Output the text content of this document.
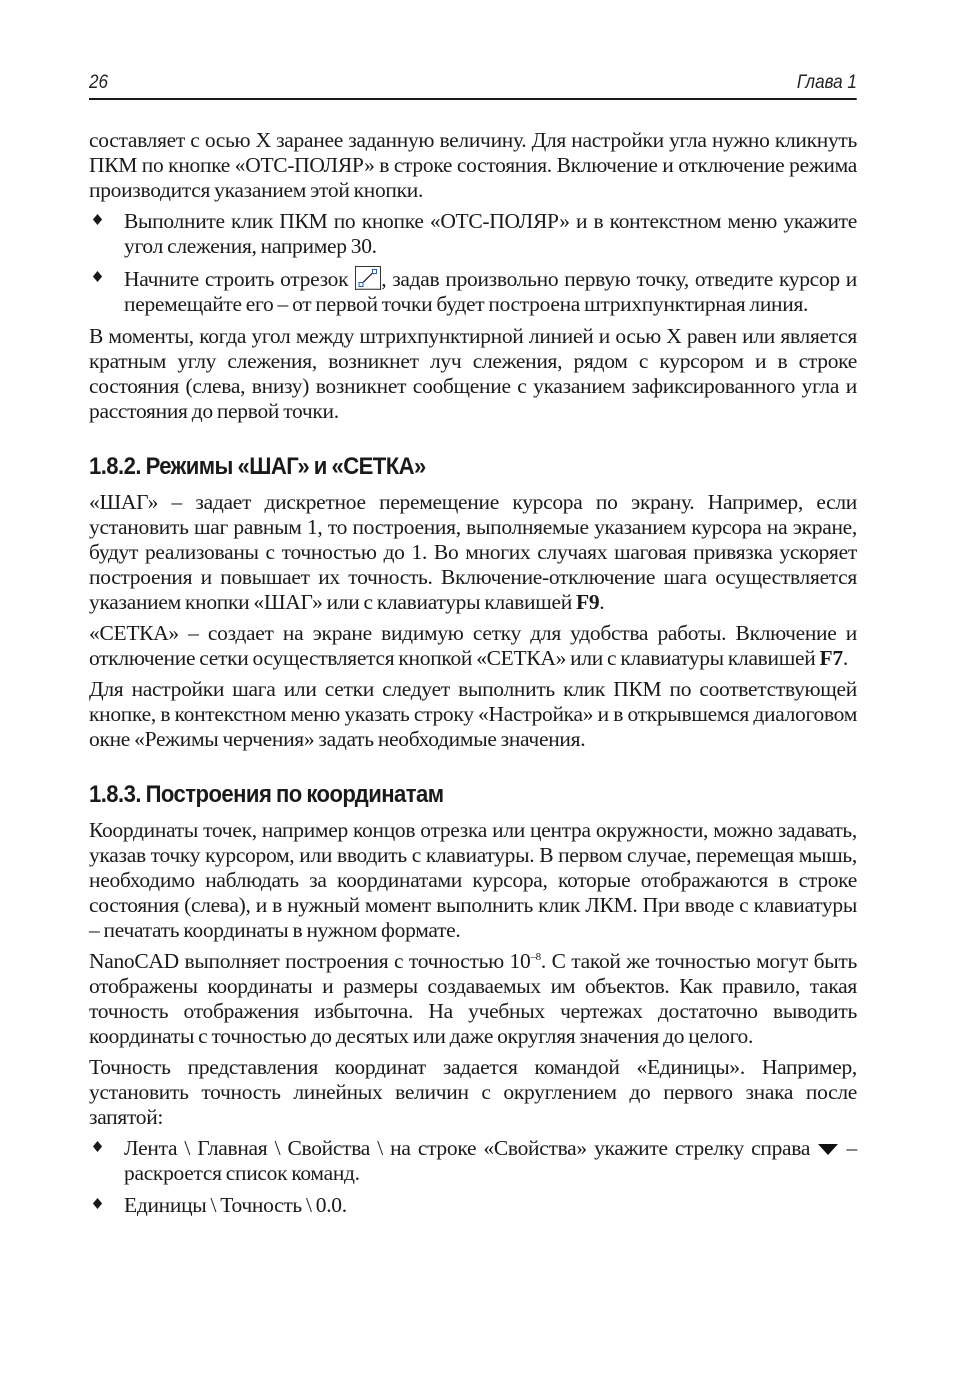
26	Глава 1

составляет с осью X заранее заданную величину. Для настройки угла нужно кликнуть ПКМ по кнопке «ОТС-ПОЛЯР» в строке состояния. Включение и отключение режима производится указанием этой кнопки.

Выполните клик ПКМ по кнопке «ОТС-ПОЛЯР» и в контекстном меню укажите угол слежения, например 30.
Начните строить отрезок , задав произвольно первую точку, отведите курсор и перемещайте его – от первой точки будет построена штрихпунктирная линия.

В моменты, когда угол между штрихпунктирной линией и осью X равен или является кратным углу слежения, возникнет луч слежения, рядом с курсором и в строке состояния (слева, внизу) возникнет сообщение с указанием зафиксированного угла и расстояния до первой точки.

1.8.2. Режимы «ШАГ» и «СЕТКА»

«ШАГ» – задает дискретное перемещение курсора по экрану. Например, если установить шаг равным 1, то построения, выполняемые указанием курсора на экране, будут реализованы с точностью до 1. Во многих случаях шаговая привязка ускоряет построения и повышает их точность. Включение-отключение шага осуществляется указанием кнопки «ШАГ» или с клавиатуры клавишей F9.

«СЕТКА» – создает на экране видимую сетку для удобства работы. Включение и отключение сетки осуществляется кнопкой «СЕТКА» или с клавиатуры клавишей F7.

Для настройки шага или сетки следует выполнить клик ПКМ по соответствующей кнопке, в контекстном меню указать строку «Настройка» и в открывшемся диалоговом окне «Режимы черчения» задать необходимые значения.

1.8.3. Построения по координатам

Координаты точек, например концов отрезка или центра окружности, можно задавать, указав точку курсором, или вводить с клавиатуры. В первом случае, перемещая мышь, необходимо наблюдать за координатами курсора, которые отображаются в строке состояния (слева), и в нужный момент выполнить клик ЛКМ. При вводе с клавиатуры – печатать координаты в нужном формате.

NanoCAD выполняет построения с точностью $10^{-8}$. С такой же точностью могут быть отображены координаты и размеры создаваемых им объектов. Как правило, такая точность отображения избыточна. На учебных чертежах достаточно выводить координаты с точностью до десятых или даже округляя значения до целого.

Точность представления координат задается командой «Единицы». Например, установить точность линейных величин с округлением до первого знака после запятой:

Лента \ Главная \ Свойства \ на строке «Свойства» укажите стрелку справа  – раскроется список команд.
Единицы \ Точность \ 0.0.
